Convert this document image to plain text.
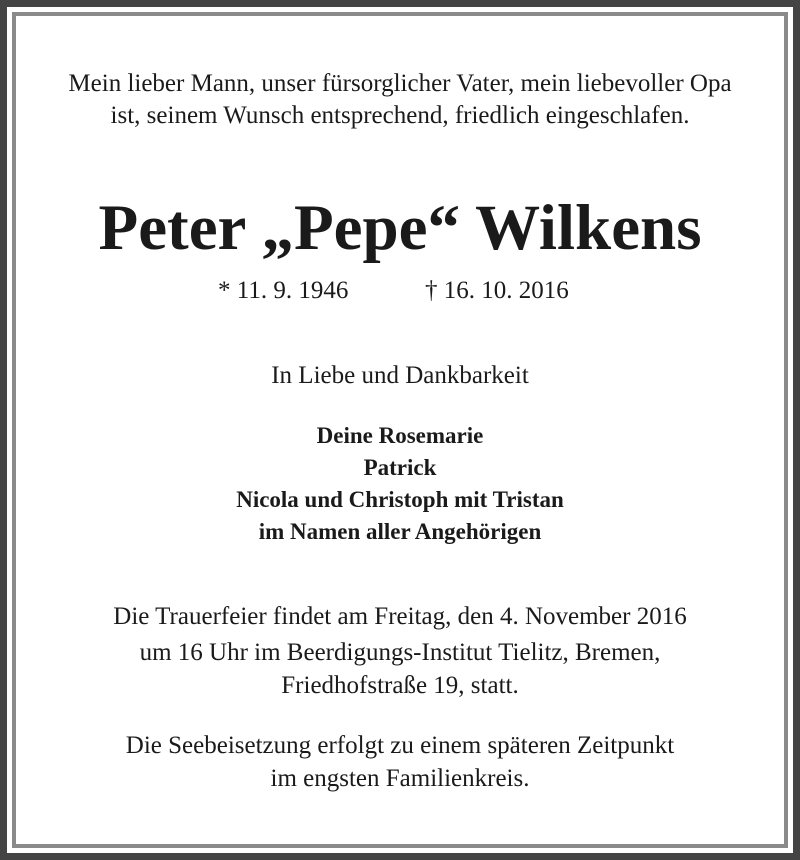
Mein lieber Mann, unser fürsorglicher Vater, mein liebevoller Opa
ist, seinem Wunsch entsprechend, friedlich eingeschlafen.
Peter „Pepe“ Wilkens
* 11. 9. 1946	† 16. 10. 2016
In Liebe und Dankbarkeit
Deine Rosemarie
Patrick
Nicola und Christoph mit Tristan
im Namen aller Angehörigen
Die Trauerfeier findet am Freitag, den 4. November 2016
um 16 Uhr im Beerdigungs-Institut Tielitz, Bremen,
Friedhofstraße 19, statt.
Die Seebeisetzung erfolgt zu einem späteren Zeitpunkt
im engsten Familienkreis.
